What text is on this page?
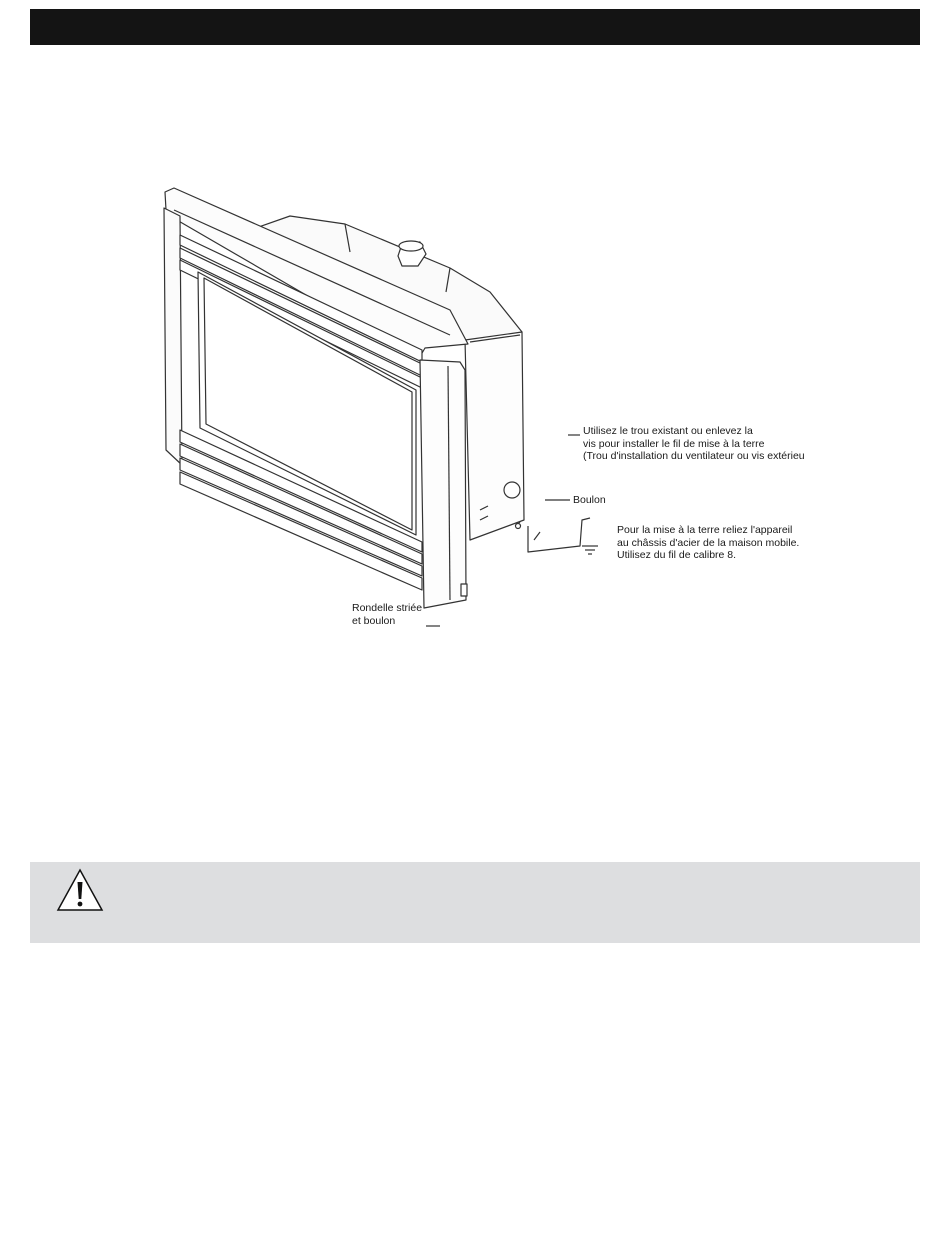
Utilisez le trou existant ou enlevez la
vis pour installer le fil de mise à la terre
(Trou d'installation du ventilateur ou vis extérieu
Boulon
Pour la mise à la terre reliez l'appareil
au châssis d'acier de la maison mobile.
Utilisez du fil de calibre 8.
Rondelle striée
et boulon
